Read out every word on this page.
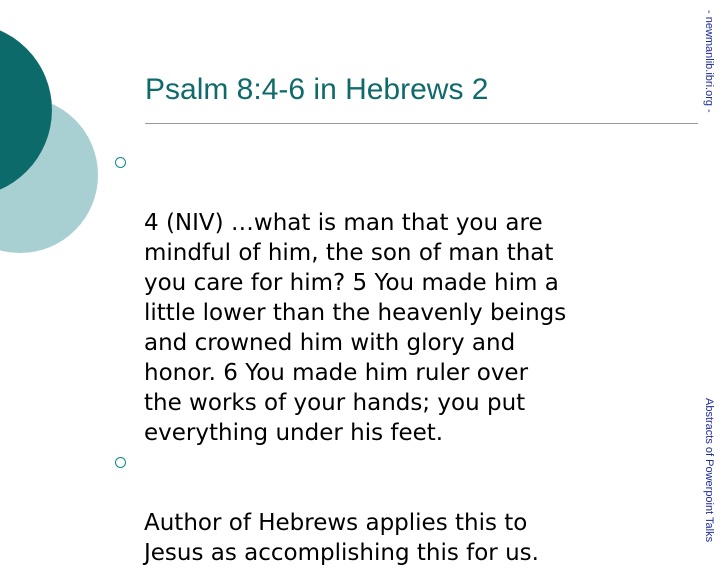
Psalm 8:4-6 in Hebrews 2

4 (NIV) …what is man that you are
mindful of him, the son of man that
you care for him? 5 You made him a
little lower than the heavenly beings
and crowned him with glory and
honor. 6 You made him ruler over
the works of your hands; you put
everything under his feet.

Author of Hebrews applies this to
Jesus as accomplishing this for us.

- newmanlib.ibri.org -
Abstracts of Powerpoint Talks
